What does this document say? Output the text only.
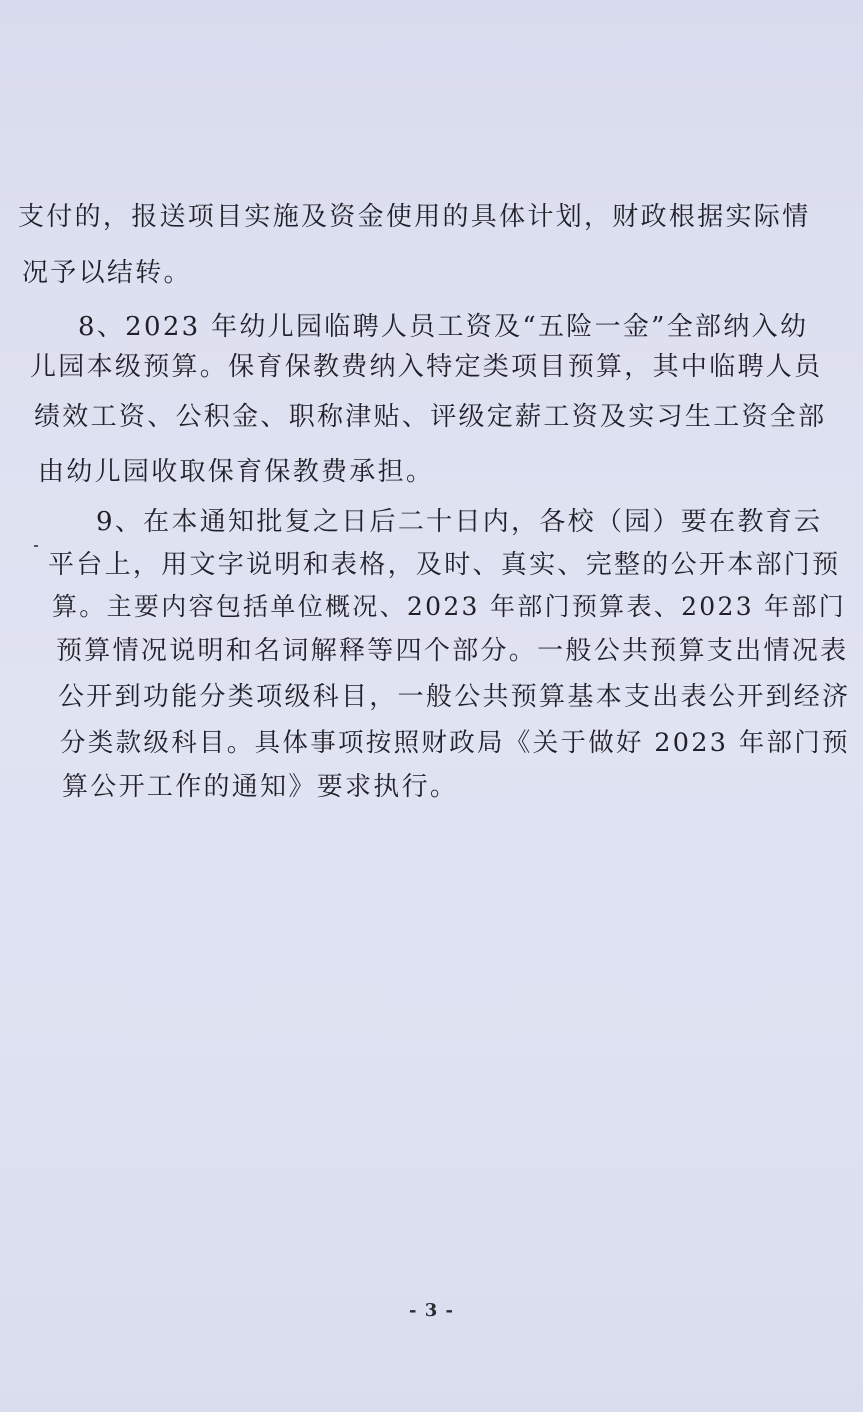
支付的，报送项目实施及资金使用的具体计划，财政根据实际情
况予以结转。
8、2023 年幼儿园临聘人员工资及“五险一金”全部纳入幼
儿园本级预算。保育保教费纳入特定类项目预算，其中临聘人员
绩效工资、公积金、职称津贴、评级定薪工资及实习生工资全部
由幼儿园收取保育保教费承担。
9、在本通知批复之日后二十日内，各校（园）要在教育云
平台上，用文字说明和表格，及时、真实、完整的公开本部门预
算。主要内容包括单位概况、2023 年部门预算表、2023 年部门
预算情况说明和名词解释等四个部分。一般公共预算支出情况表
公开到功能分类项级科目，一般公共预算基本支出表公开到经济
分类款级科目。具体事项按照财政局《关于做好 2023 年部门预
算公开工作的通知》要求执行。
- 3 -
